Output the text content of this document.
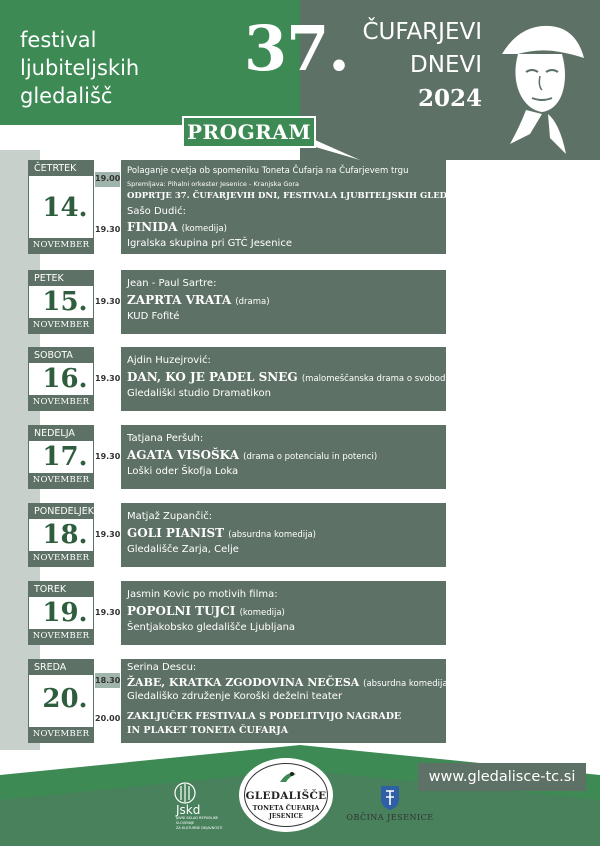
festival
ljubiteljskih
gledališč
37. ČUFARJEVI
DNEVI
2024
PROGRAM
ČETRTEK
14.
NOVEMBER
19.00
19.30
Polaganje cvetja ob spomeniku Toneta Čufarja na Čufarjevem trgu
Spremljava: Pihalni orkester Jesenice - Kranjska Gora
ODPRTJE 37. ČUFARJEVIH DNI, FESTIVALA LJUBITELJSKIH GLEDALIŠČ
Sašo Dudić:
FINIDA (komedija)
Igralska skupina pri GTČ Jesenice
PETEK
15.
NOVEMBER
19.30
Jean - Paul Sartre:
ZAPRTA VRATA (drama)
KUD Fofité
SOBOTA
16.
NOVEMBER
19.30
Ajdin Huzejrović:
DAN, KO JE PADEL SNEG (malomeščanska drama o svobodi)
Gledališki studio Dramatikon
NEDELJA
17.
NOVEMBER
19.30
Tatjana Peršuh:
AGATA VISOŠKA (drama o potencialu in potenci)
Loški oder Škofja Loka
PONEDELJEK
18.
NOVEMBER
19.30
Matjaž Zupančič:
GOLI PIANIST (absurdna komedija)
Gledališče Zarja, Celje
TOREK
19.
NOVEMBER
19.30
Jasmin Kovic po motivih filma:
POPOLNI TUJCI (komedija)
Šentjakobsko gledališče Ljubljana
SREDA
20.
NOVEMBER
18.30
20.00
Serina Descu:
ŽABE, KRATKA ZGODOVINA NEČESA (absurdna komedija)
Gledališko združenje Koroški deželni teater
ZAKLJUČEK FESTIVALA S PODELITVIJO NAGRADE
IN PLAKET TONETA ČUFARJA
www.gledalisce-tc.si
Jskd
JAVNI SKLAD REPUBLIKE SLOVENIJE
ZA KULTURNE DEJAVNOSTI
GLEDALIŠČE
TONETA ČUFARJA
JESENICE	OBČINA JESENICE
